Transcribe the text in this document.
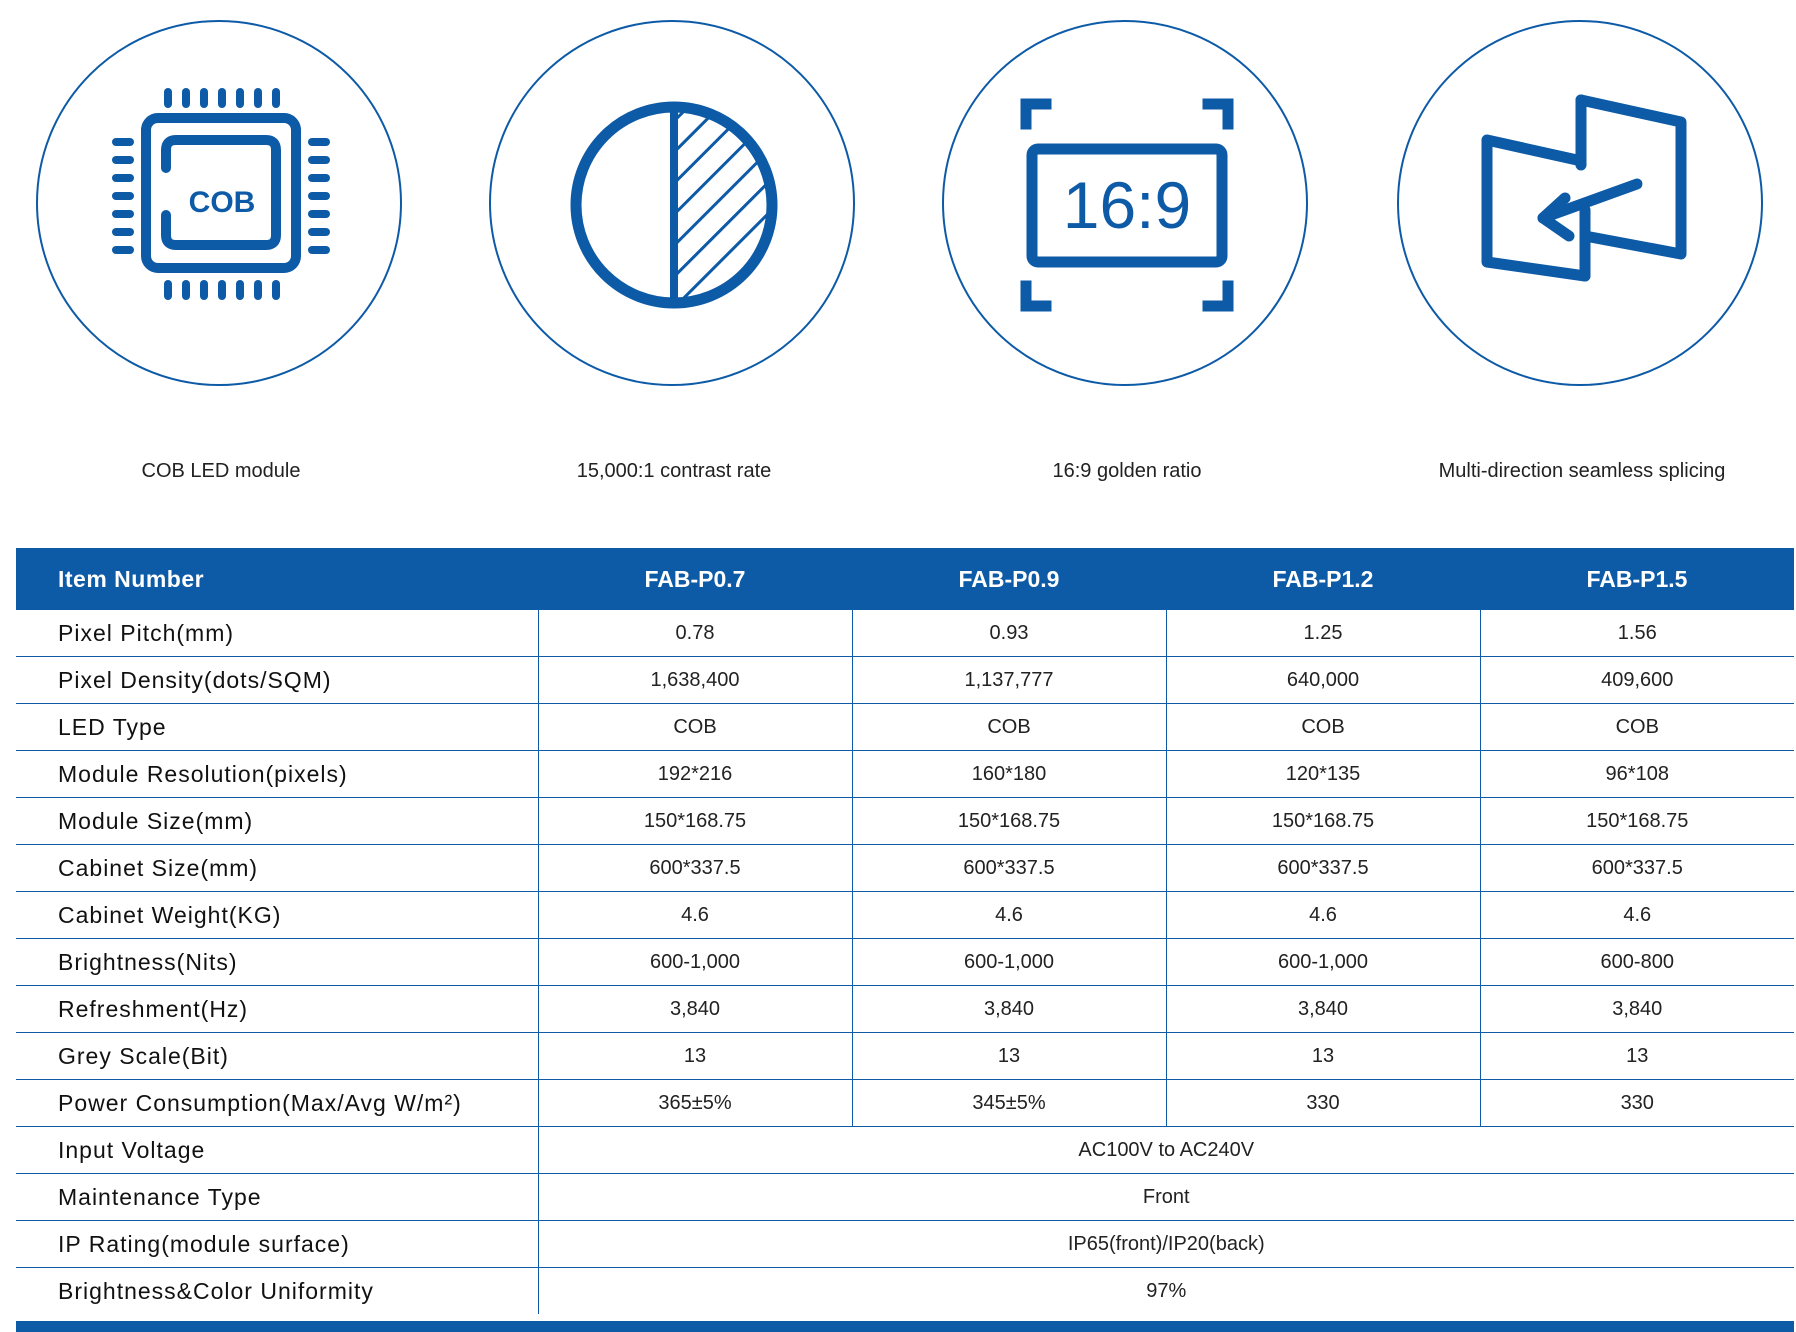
COB
COB LED module	15,000:1 contrast rate
16:9
16:9 golden ratio	Multi-direction seamless splicing
Item Number	FAB-P0.7	FAB-P0.9	FAB-P1.2	FAB-P1.5
Pixel Pitch(mm)	0.78	0.93	1.25	1.56
Pixel Density(dots/SQM)	1,638,400	1,137,777	640,000	409,600
LED Type	COB	COB	COB	COB
Module Resolution(pixels)	192*216	160*180	120*135	96*108
Module Size(mm)	150*168.75	150*168.75	150*168.75	150*168.75
Cabinet Size(mm)	600*337.5	600*337.5	600*337.5	600*337.5
Cabinet Weight(KG)	4.6	4.6	4.6	4.6
Brightness(Nits)	600-1,000	600-1,000	600-1,000	600-800
Refreshment(Hz)	3,840	3,840	3,840	3,840
Grey Scale(Bit)	13	13	13	13
Power Consumption(Max/Avg W/m²)	365±5%	345±5%	330	330
Input Voltage	AC100V to AC240V			
Maintenance Type	Front			
IP Rating(module surface)	IP65(front)/IP20(back)			
Brightness&Color Uniformity	97%			
